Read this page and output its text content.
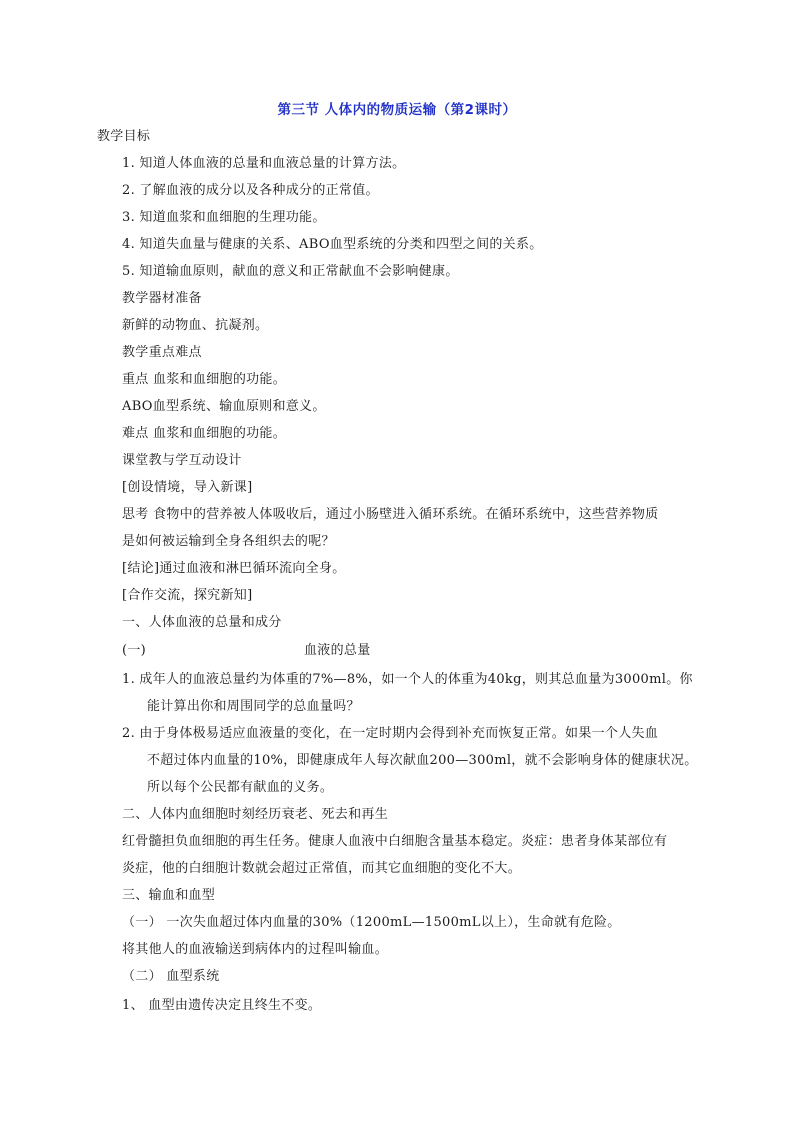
第三节 人体内的物质运输（第2课时）
教学目标
1. 知道人体血液的总量和血液总量的计算方法。
2. 了解血液的成分以及各种成分的正常值。
3. 知道血浆和血细胞的生理功能。
4. 知道失血量与健康的关系、ABO血型系统的分类和四型之间的关系。
5. 知道输血原则，献血的意义和正常献血不会影响健康。
教学器材准备
新鲜的动物血、抗凝剂。
教学重点难点
重点 血浆和血细胞的功能。
ABO血型系统、输血原则和意义。
难点 血浆和血细胞的功能。
课堂教与学互动设计
[创设情境，导入新课]
思考 食物中的营养被人体吸收后，通过小肠壁进入循环系统。在循环系统中，这些营养物质
是如何被运输到全身各组织去的呢？
[结论]通过血液和淋巴循环流向全身。
[合作交流，探究新知]
一、人体血液的总量和成分
(一)	血液的总量
1. 成年人的血液总量约为体重的7%—8%，如一个人的体重为40kg，则其总血量为3000ml。你
能计算出你和周围同学的总血量吗？
2. 由于身体极易适应血液量的变化，在一定时期内会得到补充而恢复正常。如果一个人失血
不超过体内血量的10%，即健康成年人每次献血200—300ml，就不会影响身体的健康状况。
所以每个公民都有献血的义务。
二、人体内血细胞时刻经历衰老、死去和再生
红骨髓担负血细胞的再生任务。健康人血液中白细胞含量基本稳定。炎症：患者身体某部位有
炎症，他的白细胞计数就会超过正常值，而其它血细胞的变化不大。
三、输血和血型
（一） 一次失血超过体内血量的30%（1200mL—1500mL以上），生命就有危险。
将其他人的血液输送到病体内的过程叫输血。
（二） 血型系统
1、 血型由遗传决定且终生不变。
